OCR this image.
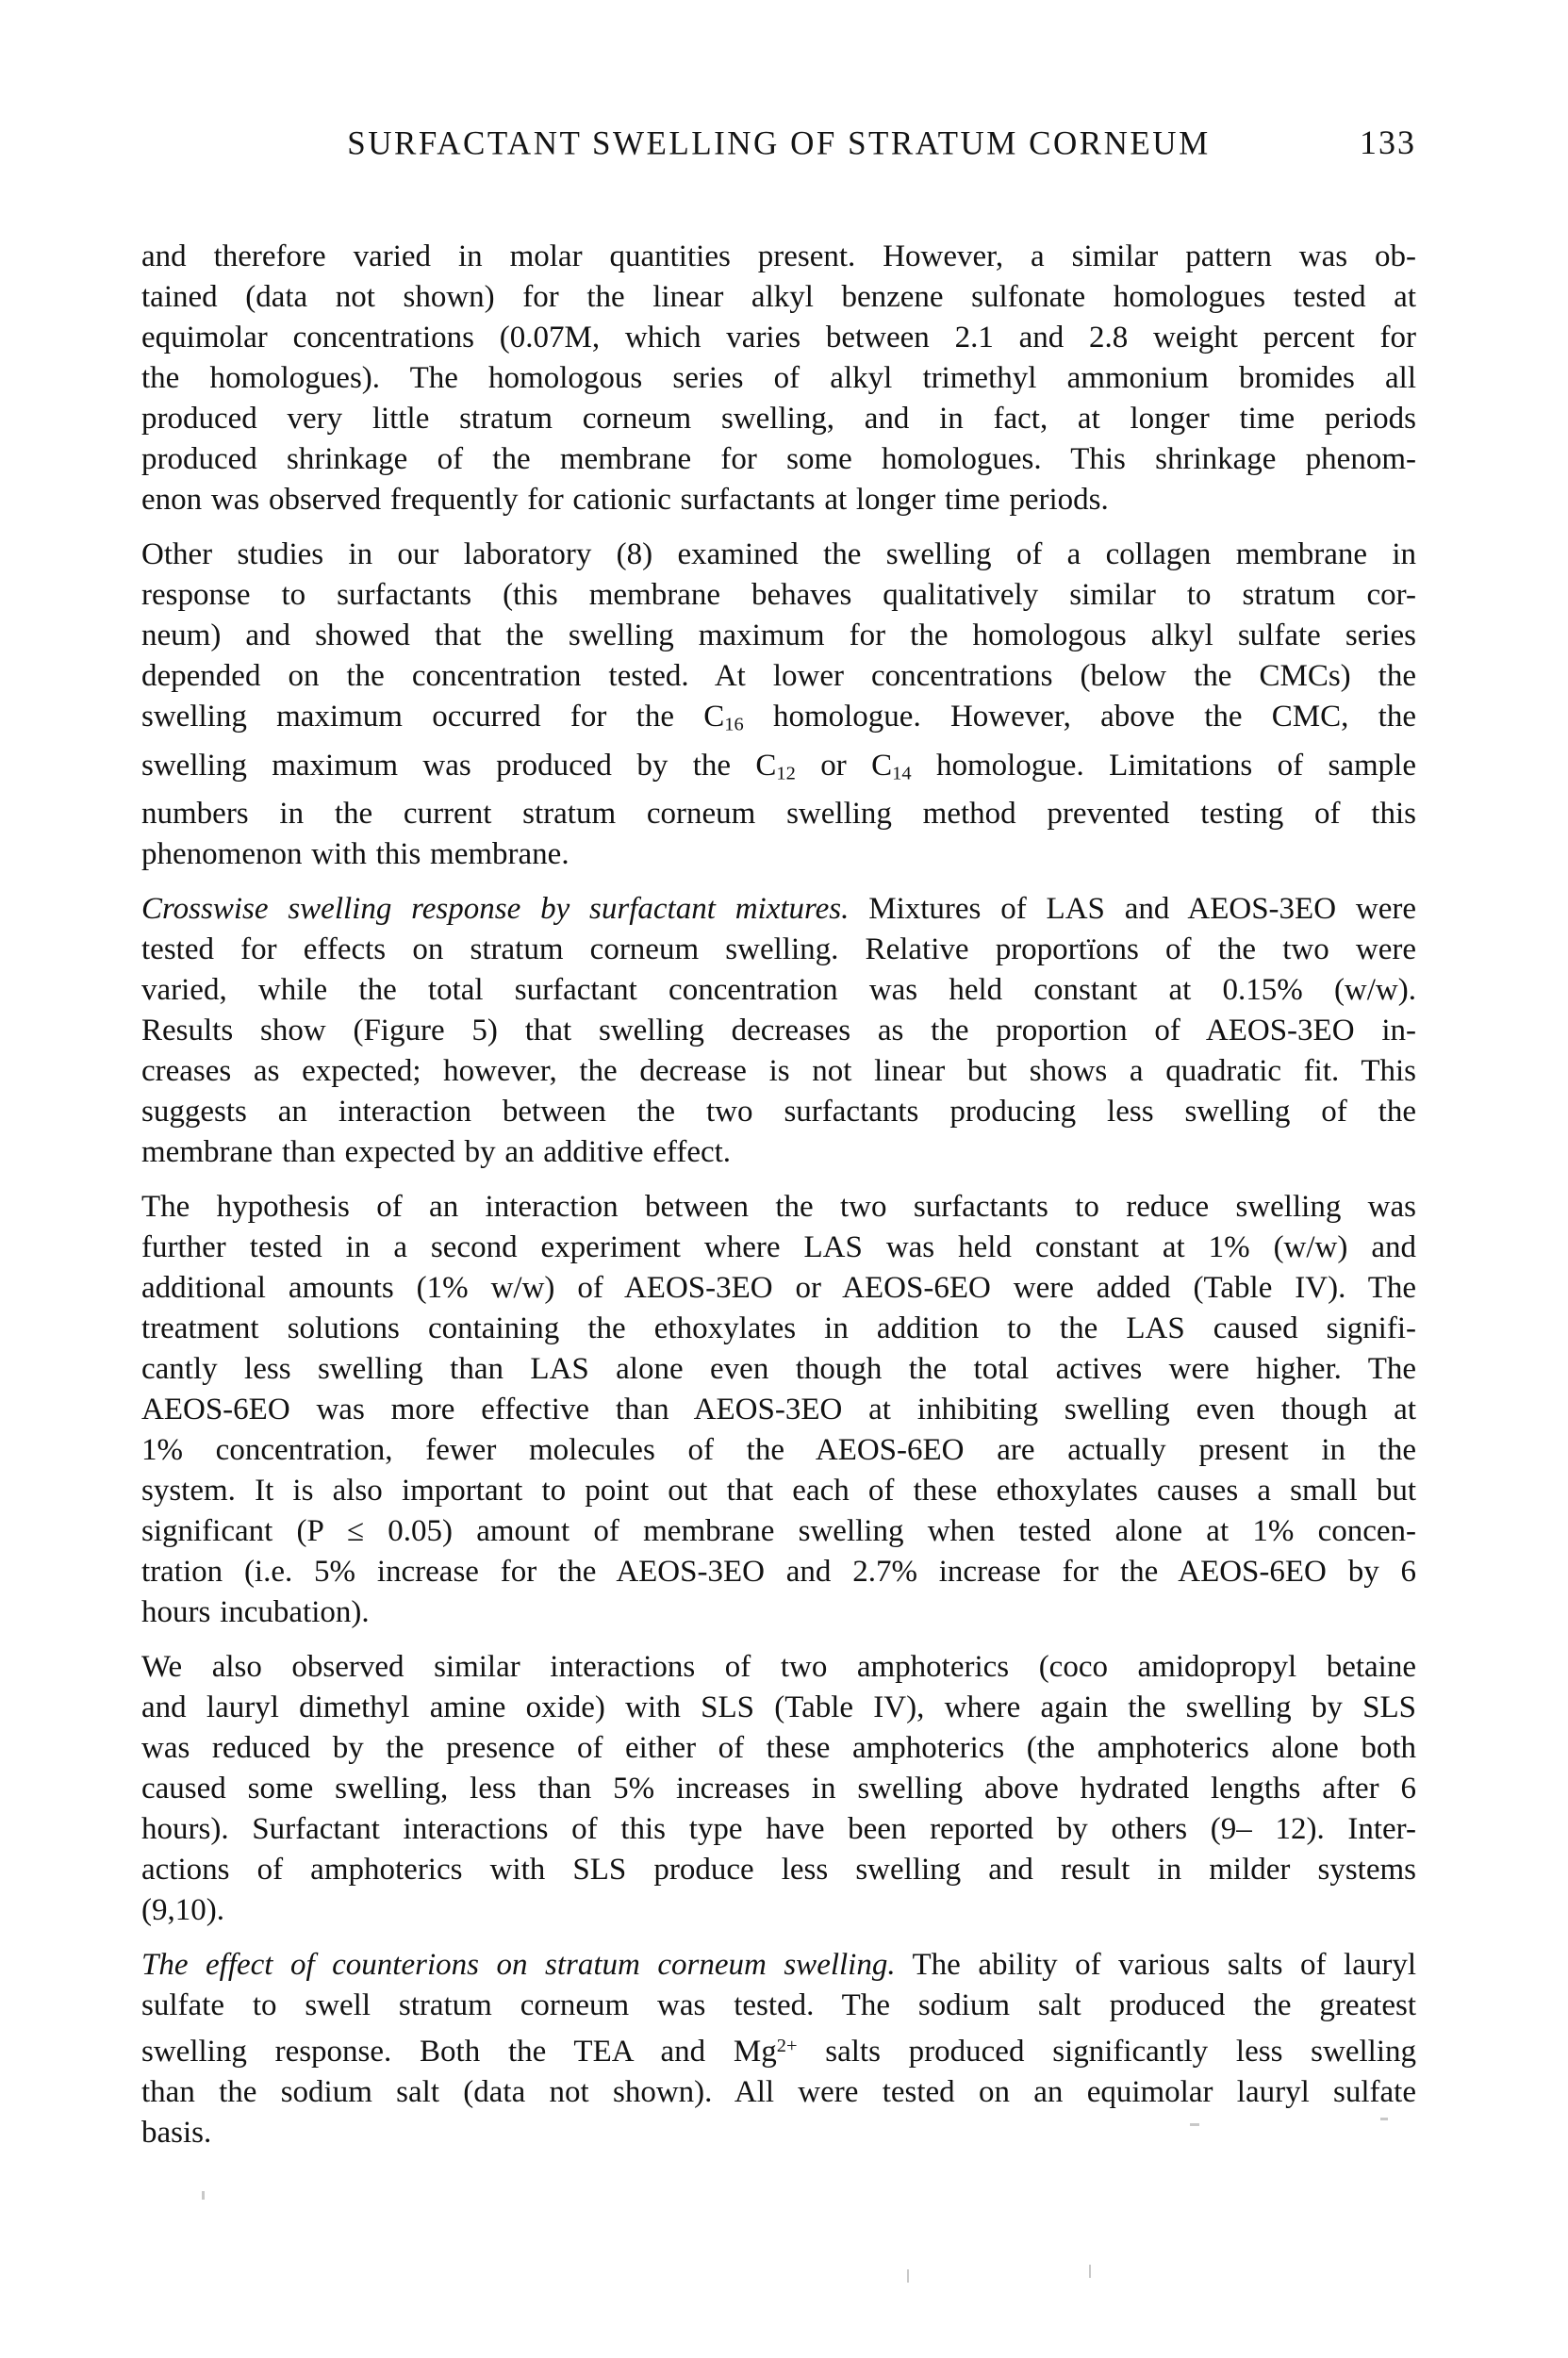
SURFACTANT SWELLING OF STRATUM CORNEUM	133
and therefore varied in molar quantities present. However, a similar pattern was ob-
tained (data not shown) for the linear alkyl benzene sulfonate homologues tested at
equimolar concentrations (0.07M, which varies between 2.1 and 2.8 weight percent for
the homologues). The homologous series of alkyl trimethyl ammonium bromides all
produced very little stratum corneum swelling, and in fact, at longer time periods
produced shrinkage of the membrane for some homologues. This shrinkage phenom-
enon was observed frequently for cationic surfactants at longer time periods.
Other studies in our laboratory (8) examined the swelling of a collagen membrane in
response to surfactants (this membrane behaves qualitatively similar to stratum cor-
neum) and showed that the swelling maximum for the homologous alkyl sulfate series
depended on the concentration tested. At lower concentrations (below the CMCs) the
swelling maximum occurred for the C16 homologue. However, above the CMC, the
swelling maximum was produced by the C12 or C14 homologue. Limitations of sample
numbers in the current stratum corneum swelling method prevented testing of this
phenomenon with this membrane.
Crosswise swelling response by surfactant mixtures. Mixtures of LAS and AEOS-3EO were
tested for effects on stratum corneum swelling. Relative proportïons of the two were
varied, while the total surfactant concentration was held constant at 0.15% (w/w).
Results show (Figure 5) that swelling decreases as the proportion of AEOS-3EO in-
creases as expected; however, the decrease is not linear but shows a quadratic fit. This
suggests an interaction between the two surfactants producing less swelling of the
membrane than expected by an additive effect.
The hypothesis of an interaction between the two surfactants to reduce swelling was
further tested in a second experiment where LAS was held constant at 1% (w/w) and
additional amounts (1% w/w) of AEOS-3EO or AEOS-6EO were added (Table IV). The
treatment solutions containing the ethoxylates in addition to the LAS caused signifi-
cantly less swelling than LAS alone even though the total actives were higher. The
AEOS-6EO was more effective than AEOS-3EO at inhibiting swelling even though at
1% concentration, fewer molecules of the AEOS-6EO are actually present in the
system. It is also important to point out that each of these ethoxylates causes a small but
significant (P ≤ 0.05) amount of membrane swelling when tested alone at 1% concen-
tration (i.e. 5% increase for the AEOS-3EO and 2.7% increase for the AEOS-6EO by 6
hours incubation).
We also observed similar interactions of two amphoterics (coco amidopropyl betaine
and lauryl dimethyl amine oxide) with SLS (Table IV), where again the swelling by SLS
was reduced by the presence of either of these amphoterics (the amphoterics alone both
caused some swelling, less than 5% increases in swelling above hydrated lengths after 6
hours). Surfactant interactions of this type have been reported by others (9– 12). Inter-
actions of amphoterics with SLS produce less swelling and result in milder systems
(9,10).
The effect of counterions on stratum corneum swelling. The ability of various salts of lauryl
sulfate to swell stratum corneum was tested. The sodium salt produced the greatest
swelling response. Both the TEA and $Mg^{2+}$ salts produced significantly less swelling
than the sodium salt (data not shown). All were tested on an equimolar lauryl sulfate
basis.
